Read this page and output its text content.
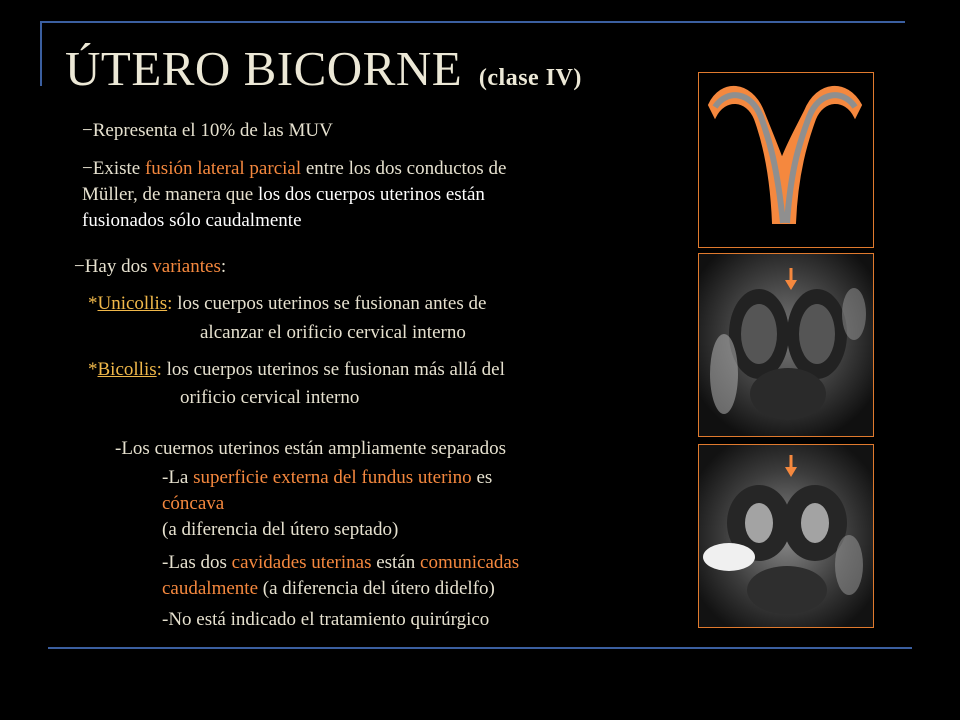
ÚTERO BICORNE (clase IV)
−Representa el 10% de las MUV
−Existe fusión lateral parcial entre los dos conductos de
Müller, de manera que los dos cuerpos uterinos están
fusionados sólo caudalmente
−Hay dos variantes:
*Unicollis: los cuerpos uterinos se fusionan antes de
alcanzar el orificio cervical interno
*Bicollis: los cuerpos uterinos se fusionan más allá del
orificio cervical interno
-Los cuernos uterinos están ampliamente separados
-La superficie externa del fundus uterino es
cóncava
(a diferencia del útero septado)
-Las dos cavidades uterinas están comunicadas
caudalmente (a diferencia del útero didelfo)
-No está indicado el tratamiento quirúrgico
